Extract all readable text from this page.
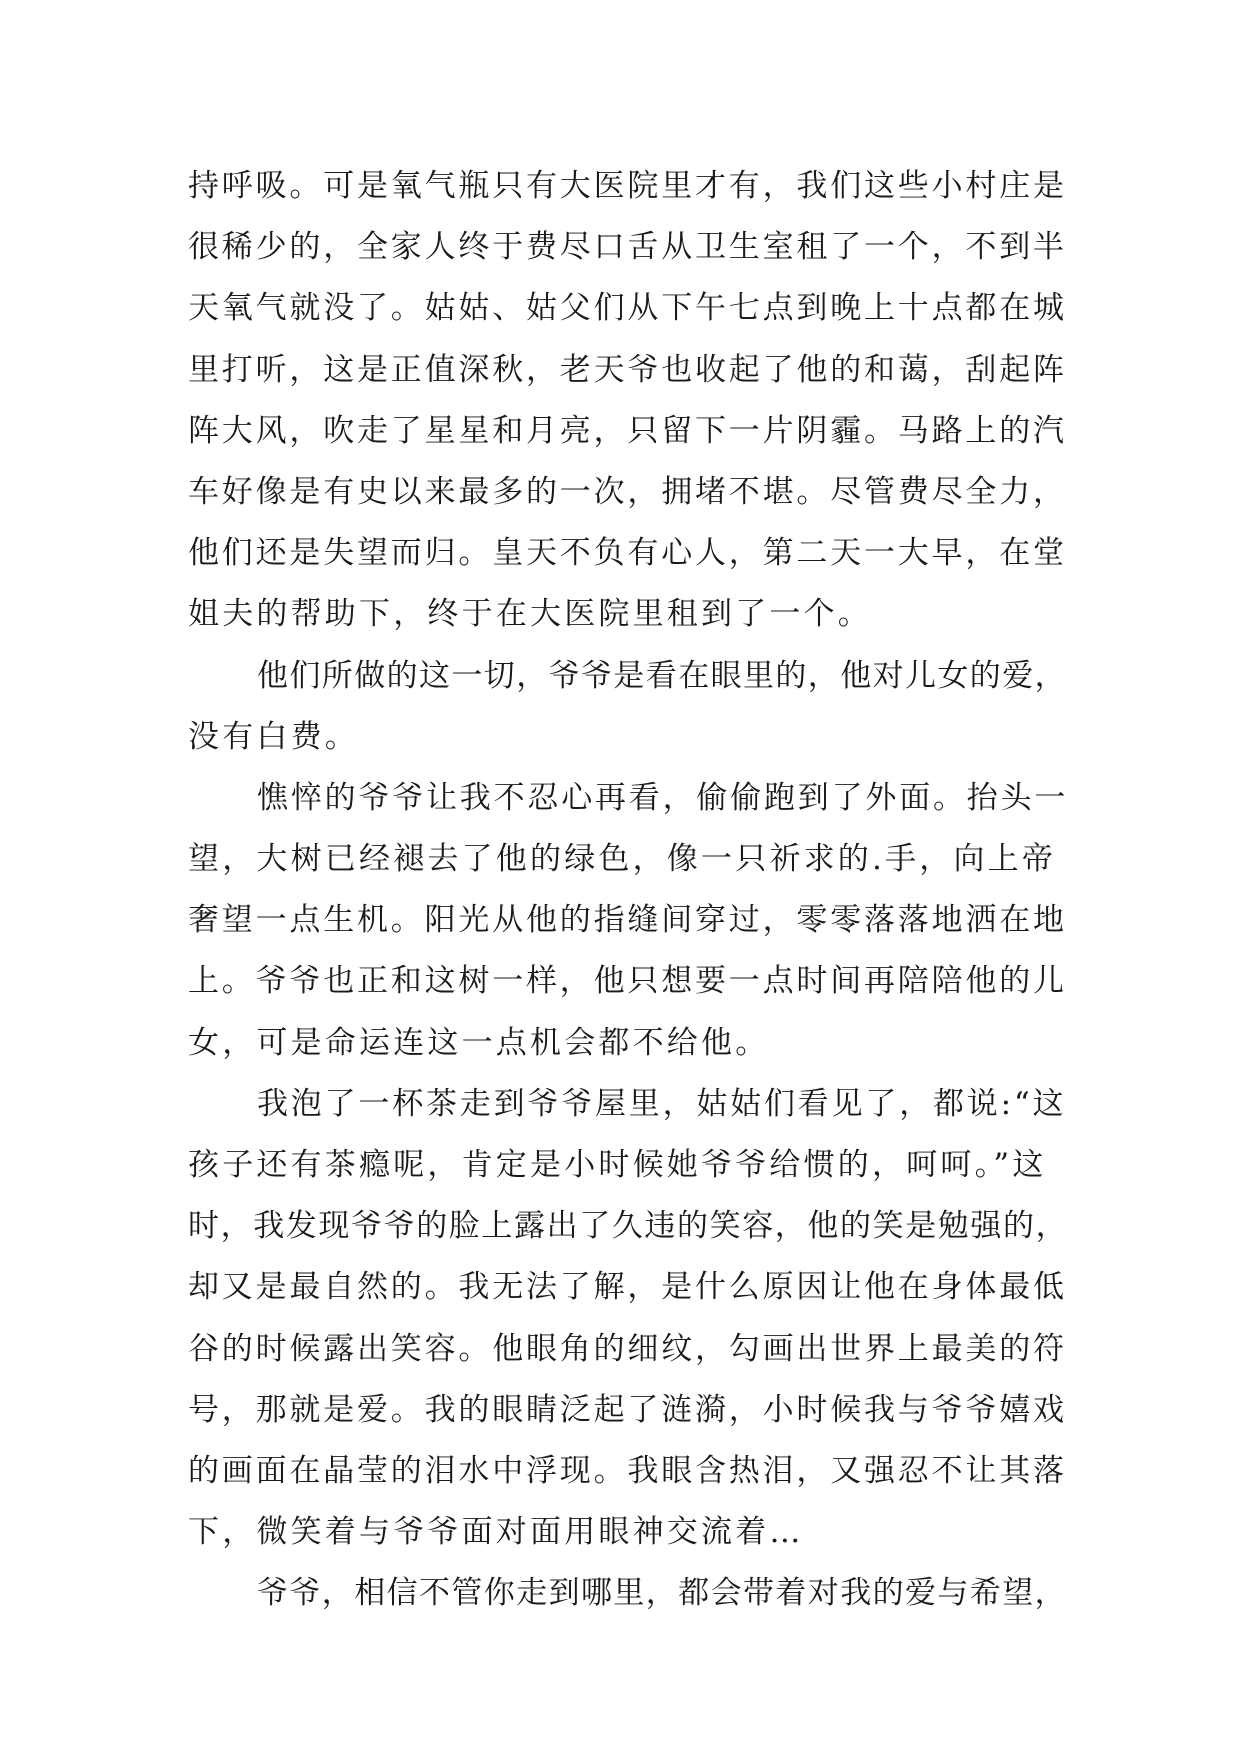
持呼吸。可是氧气瓶只有大医院里才有，我们这些小村庄是
很稀少的，全家人终于费尽口舌从卫生室租了一个，不到半
天氧气就没了。姑姑、姑父们从下午七点到晚上十点都在城
里打听，这是正值深秋，老天爷也收起了他的和蔼，刮起阵
阵大风，吹走了星星和月亮，只留下一片阴霾。马路上的汽
车好像是有史以来最多的一次，拥堵不堪。尽管费尽全力，
他们还是失望而归。皇天不负有心人，第二天一大早，在堂
姐夫的帮助下，终于在大医院里租到了一个。
他们所做的这一切，爷爷是看在眼里的，他对儿女的爱，
没有白费。
憔悴的爷爷让我不忍心再看，偷偷跑到了外面。抬头一
望，大树已经褪去了他的绿色，像一只祈求的.手，向上帝
奢望一点生机。阳光从他的指缝间穿过，零零落落地洒在地
上。爷爷也正和这树一样，他只想要一点时间再陪陪他的儿
女，可是命运连这一点机会都不给他。
我泡了一杯茶走到爷爷屋里，姑姑们看见了，都说:“这
孩子还有茶瘾呢，肯定是小时候她爷爷给惯的，呵呵。”这
时，我发现爷爷的脸上露出了久违的笑容，他的笑是勉强的，
却又是最自然的。我无法了解，是什么原因让他在身体最低
谷的时候露出笑容。他眼角的细纹，勾画出世界上最美的符
号，那就是爱。我的眼睛泛起了涟漪，小时候我与爷爷嬉戏
的画面在晶莹的泪水中浮现。我眼含热泪，又强忍不让其落
下，微笑着与爷爷面对面用眼神交流着…
爷爷，相信不管你走到哪里，都会带着对我的爱与希望，
